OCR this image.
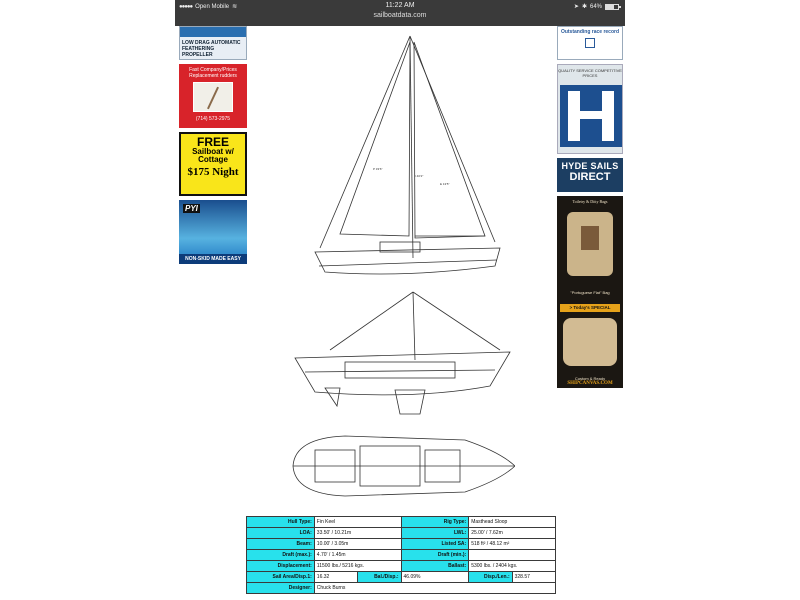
●●●●● Open Mobile ≋	11:22 AM
sailboatdata.com
➤ ✱ 64%
LOW DRAG AUTOMATIC FEATHERING PROPELLER
Fast Company/Prices Replacement rudders
(714) 573-2975
FREE
Sailboat w/ Cottage
$175 Night
PYI
NON-SKID MADE EASY
Outstanding race record
QUALITY SERVICE COMPETITIVE PRICES
HYDE SAILS
DIRECT
Toiletry & Ditty Bags
"Portuguese Flat" Bag
> Today's SPECIAL
Custom & Ready
SHIPCANVAS.COM
P 33'6"
I 40'2"
E 13'5"
Hull Type:	Fin Keel		Rig Type:	Masthead Sloop	
LOA:	33.50' / 10.21m		LWL:	25.00' / 7.62m	
Beam:	10.00' / 3.05m		Listed SA:	518 ft² / 48.12 m²	
Draft (max.):	4.70' / 1.45m		Draft (min.):		
Displacement:	11500 lbs./ 5216 kgs.		Ballast:	5300 lbs. / 2404 kgs.	
Sail Area/Disp.1:	16.32	Bal./Disp.:	46.09%	Disp./Len.:	328.57
Designer:	Chuck Burns				
